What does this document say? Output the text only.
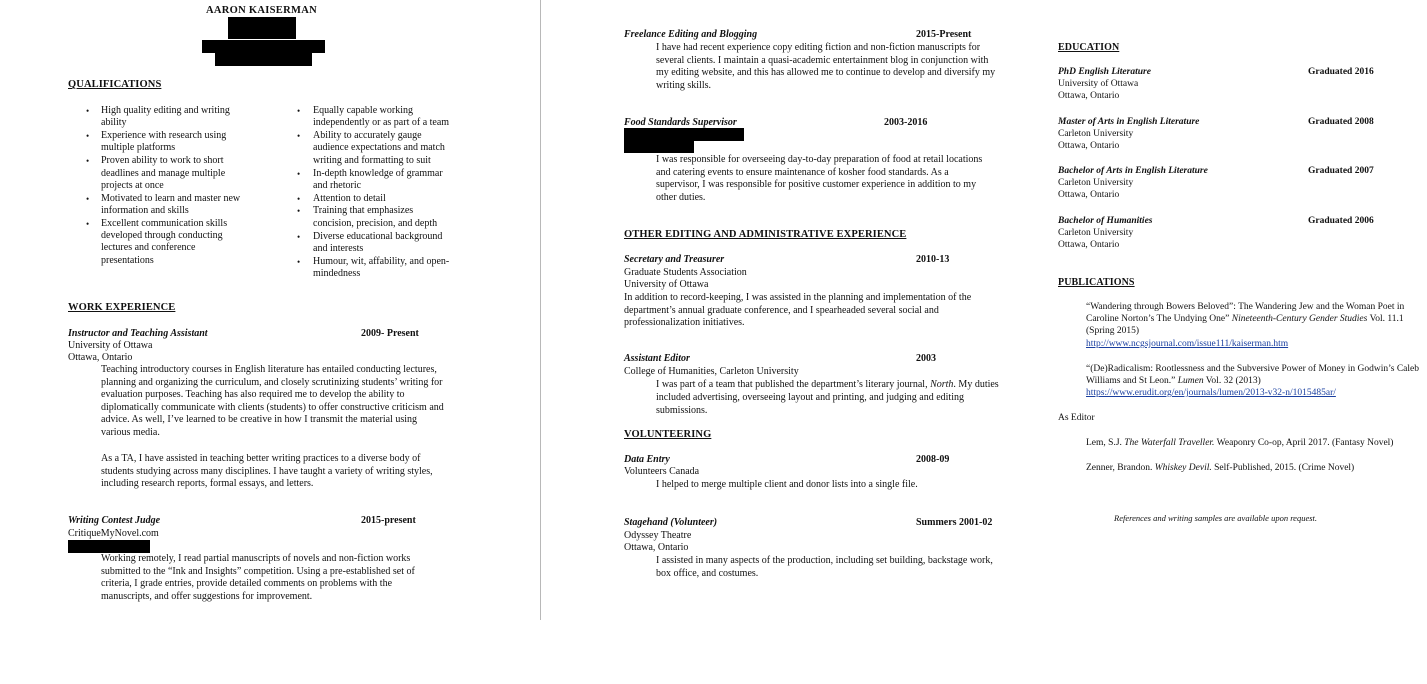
AARON KAISERMAN
QUALIFICATIONS
• High quality editing and writing
ability
• Experience with research using
multiple platforms
• Proven ability to work to short
deadlines and manage multiple
projects at once
• Motivated to learn and master new
information and skills
• Excellent communication skills
developed through conducting
lectures and conference
presentations
• Equally capable working
independently or as part of a team
• Ability to accurately gauge
audience expectations and match
writing and formatting to suit
• In-depth knowledge of grammar
and rhetoric
• Attention to detail
• Training that emphasizes
concision, precision, and depth
• Diverse educational background
and interests
• Humour, wit, affability, and open-
mindedness
WORK EXPERIENCE
Instructor and Teaching Assistant	2009- Present
University of Ottawa
Ottawa, Ontario
Teaching introductory courses in English literature has entailed conducting lectures,
planning and organizing the curriculum, and closely scrutinizing students’ writing for
evaluation purposes. Teaching has also required me to develop the ability to
diplomatically communicate with clients (students) to offer constructive criticism and
advice. As well, I’ve learned to be creative in how I transmit the material using
various media.
As a TA, I have assisted in teaching better writing practices to a diverse body of
students studying across many disciplines. I have taught a variety of writing styles,
including research reports, formal essays, and letters.
Writing Contest Judge	2015-present
CritiqueMyNovel.com
Working remotely, I read partial manuscripts of novels and non-fiction works
submitted to the “Ink and Insights” competition. Using a pre-established set of
criteria, I grade entries, provide detailed comments on problems with the
manuscripts, and offer suggestions for improvement.
Freelance Editing and Blogging	2015-Present
I have had recent experience copy editing fiction and non-fiction manuscripts for
several clients. I maintain a quasi-academic entertainment blog in conjunction with
my editing website, and this has allowed me to continue to develop and diversify my
writing skills.
Food Standards Supervisor	2003-2016
I was responsible for overseeing day-to-day preparation of food at retail locations
and catering events to ensure maintenance of kosher food standards. As a
supervisor, I was responsible for positive customer experience in addition to my
other duties.
OTHER EDITING AND ADMINISTRATIVE EXPERIENCE
Secretary and Treasurer	2010-13
Graduate Students Association
University of Ottawa
In addition to record-keeping, I was assisted in the planning and implementation of the
department’s annual graduate conference, and I spearheaded several social and
professionalization initiatives.
Assistant Editor	2003
College of Humanities, Carleton University
I was part of a team that published the department’s literary journal, North. My duties
included advertising, overseeing layout and printing, and judging and editing
submissions.
VOLUNTEERING
Data Entry	2008-09
Volunteers Canada
I helped to merge multiple client and donor lists into a single file.
Stagehand (Volunteer)	Summers 2001-02
Odyssey Theatre
Ottawa, Ontario
I assisted in many aspects of the production, including set building, backstage work,
box office, and costumes.
EDUCATION
PhD English Literature	Graduated 2016
University of Ottawa
Ottawa, Ontario
Master of Arts in English Literature	Graduated 2008
Carleton University
Ottawa, Ontario
Bachelor of Arts in English Literature	Graduated 2007
Carleton University
Ottawa, Ontario
Bachelor of Humanities	Graduated 2006
Carleton University
Ottawa, Ontario
PUBLICATIONS
“Wandering through Bowers Beloved”: The Wandering Jew and the Woman Poet in
Caroline Norton’s The Undying One” Nineteenth-Century Gender Studies Vol. 11.1
(Spring 2015)
http://www.ncgsjournal.com/issue111/kaiserman.htm
“(De)Radicalism: Rootlessness and the Subversive Power of Money in Godwin’s Caleb
Williams and St Leon.” Lumen Vol. 32 (2013)
https://www.erudit.org/en/journals/lumen/2013-v32-n/1015485ar/
As Editor
Lem, S.J. The Waterfall Traveller. Weaponry Co-op, April 2017. (Fantasy Novel)
Zenner, Brandon. Whiskey Devil. Self-Published, 2015. (Crime Novel)
References and writing samples are available upon request.
